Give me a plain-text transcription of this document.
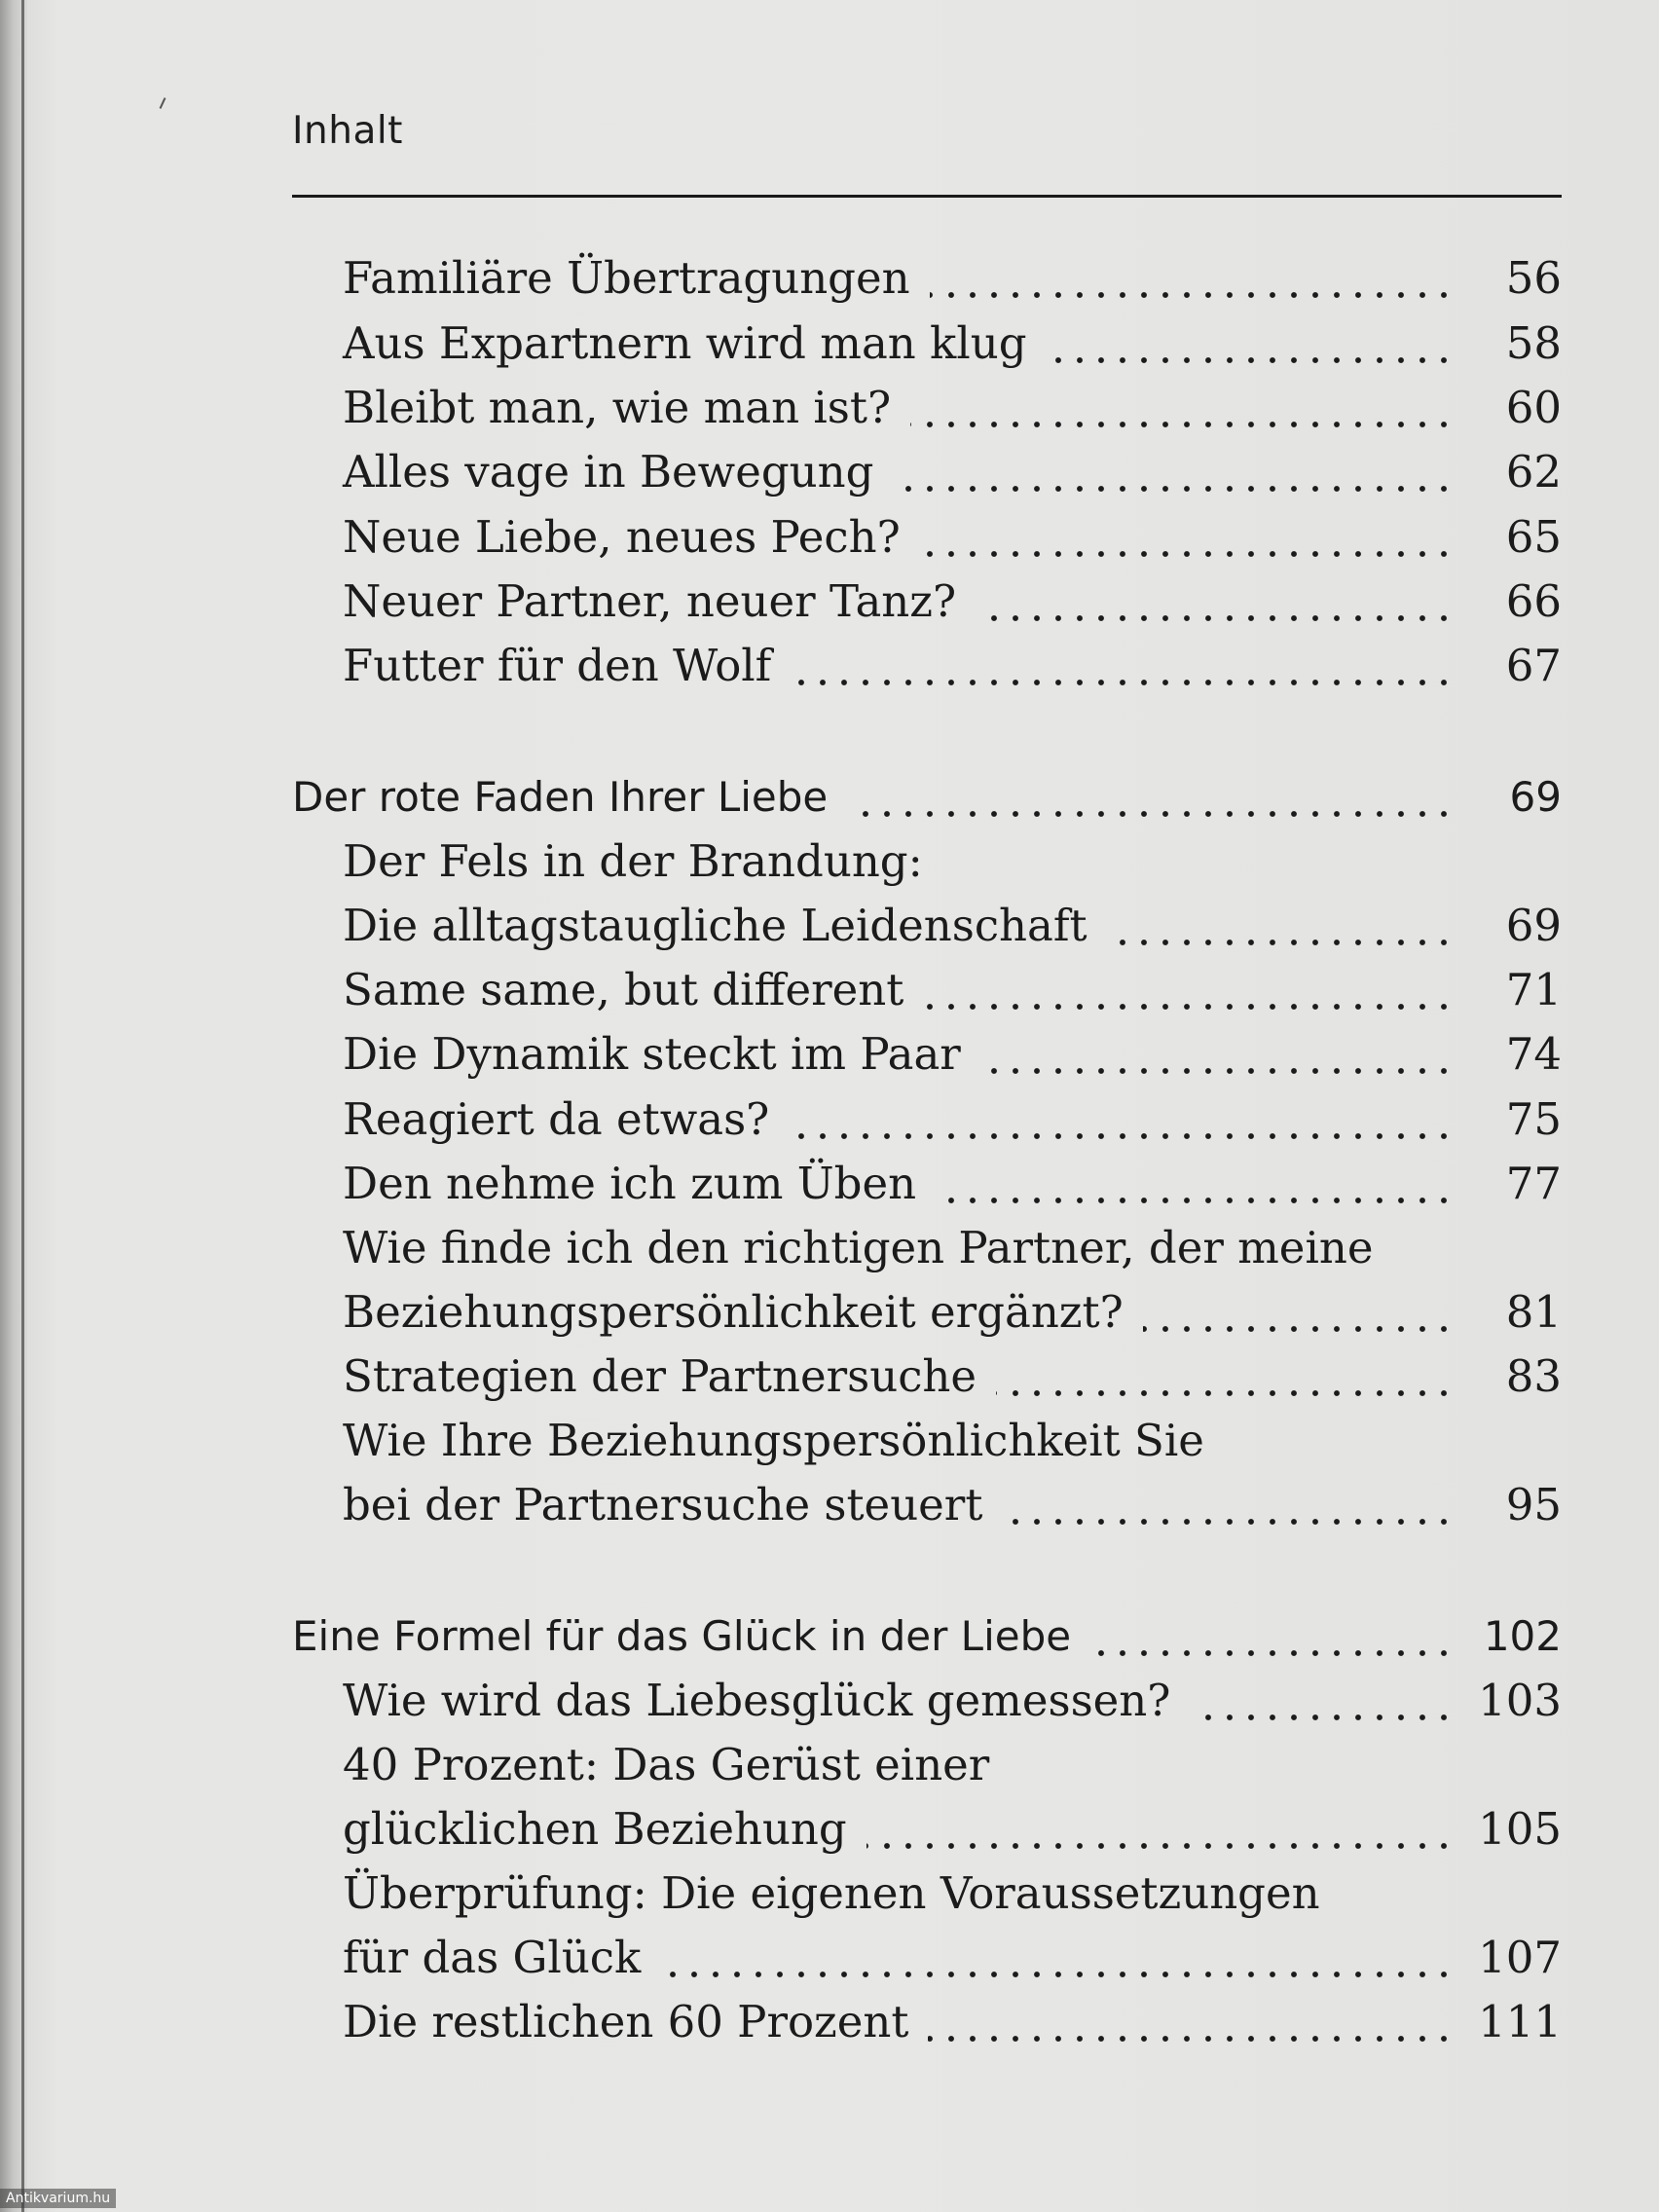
Inhalt
Familiäre Übertragungen	56
Aus Expartnern wird man klug	58
Bleibt man, wie man ist?	60
Alles vage in Bewegung	62
Neue Liebe, neues Pech?	65
Neuer Partner, neuer Tanz?	66
Futter für den Wolf	67
Der rote Faden Ihrer Liebe	69
Der Fels in der Brandung:
Die alltagstaugliche Leidenschaft	69
Same same, but different	71
Die Dynamik steckt im Paar	74
Reagiert da etwas?	75
Den nehme ich zum Üben	77
Wie finde ich den richtigen Partner, der meine
Beziehungspersönlichkeit ergänzt?	81
Strategien der Partnersuche	83
Wie Ihre Beziehungspersönlichkeit Sie
bei der Partnersuche steuert	95
Eine Formel für das Glück in der Liebe	102
Wie wird das Liebesglück gemessen?	103
40 Prozent: Das Gerüst einer
glücklichen Beziehung	105
Überprüfung: Die eigenen Voraussetzungen
für das Glück	107
Die restlichen 60 Prozent	111
Antikvarium.hu
